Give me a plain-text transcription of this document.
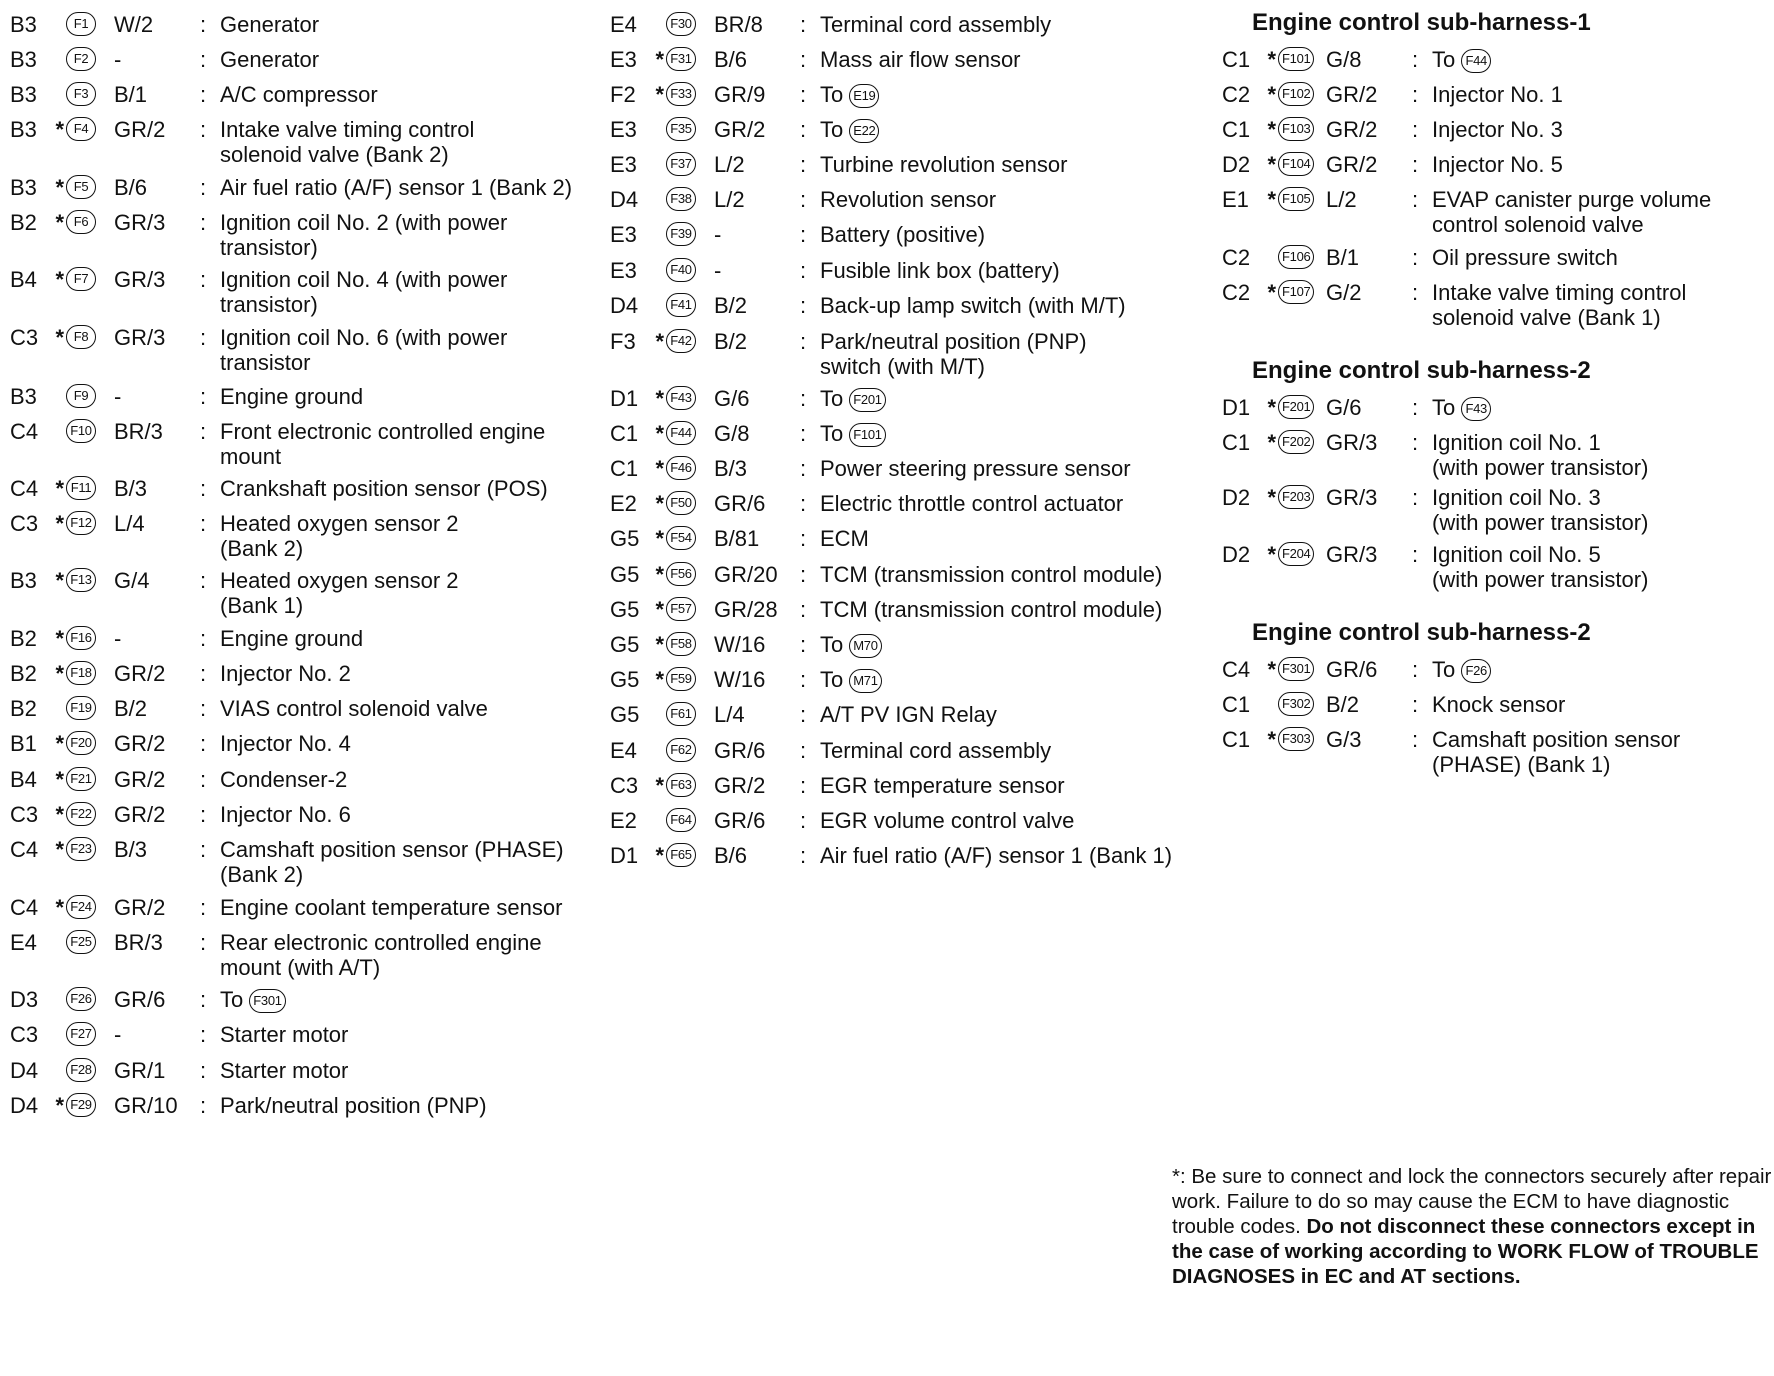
B3	F1	W/2	: Generator
B3	F2	-	: Generator
B3	F3	B/1	: A/C compressor
B3 * F4	GR/2	: Intake valve timing control
solenoid valve (Bank 2)
B3 * F5	B/6	: Air fuel ratio (A/F) sensor 1 (Bank 2)
B2 * F6	GR/3	: Ignition coil No. 2 (with power
transistor)
B4 * F7	GR/3	: Ignition coil No. 4 (with power
transistor)
C3 * F8	GR/3	: Ignition coil No. 6 (with power
transistor
B3	F9	-	: Engine ground
C4	F10 BR/3	: Front electronic controlled engine
mount
C4 * F11 B/3	: Crankshaft position sensor (POS)
C3 * F12 L/4	: Heated oxygen sensor 2
(Bank 2)
B3 * F13 G/4	: Heated oxygen sensor 2
(Bank 1)
B2 * F16 -	: Engine ground
B2 * F18 GR/2	: Injector No. 2
B2	F19 B/2	: VIAS control solenoid valve
B1 * F20 GR/2	: Injector No. 4
B4 * F21 GR/2	: Condenser-2
C3 * F22 GR/2	: Injector No. 6
C4 * F23 B/3	: Camshaft position sensor (PHASE)
(Bank 2)
C4 * F24 GR/2	: Engine coolant temperature sensor
E4	F25 BR/3	: Rear electronic controlled engine
mount (with A/T)
D3	F26 GR/6	: To F301
C3	F27 -	: Starter motor
D4	F28 GR/1	: Starter motor
D4 * F29 GR/10	: Park/neutral position (PNP)
E4	F30 BR/8	: Terminal cord assembly
E3 * F31 B/6	: Mass air flow sensor
F2 * F33 GR/9	: To E19
E3	F35 GR/2	: To E22
E3	F37 L/2	: Turbine revolution sensor
D4	F38 L/2	: Revolution sensor
E3	F39 -	: Battery (positive)
E3	F40 -	: Fusible link box (battery)
D4	F41 B/2	: Back-up lamp switch (with M/T)
F3 * F42 B/2	: Park/neutral position (PNP)
switch (with M/T)
D1 * F43 G/6	: To F201
C1 * F44 G/8	: To F101
C1 * F46 B/3	: Power steering pressure sensor
E2 * F50 GR/6	: Electric throttle control actuator
G5 * F54 B/81	: ECM
G5 * F56 GR/20	: TCM (transmission control module)
G5 * F57 GR/28	: TCM (transmission control module)
G5 * F58 W/16	: To M70
G5 * F59 W/16	: To M71
G5	F61 L/4	: A/T PV IGN Relay
E4	F62 GR/6	: Terminal cord assembly
C3 * F63 GR/2	: EGR temperature sensor
E2	F64 GR/6	: EGR volume control valve
D1 * F65 B/6	: Air fuel ratio (A/F) sensor 1 (Bank 1)
Engine control sub-harness-1
C1 * F101 G/8	: To F44
C2 * F102 GR/2	: Injector No. 1
C1 * F103 GR/2	: Injector No. 3
D2 * F104 GR/2	: Injector No. 5
E1 * F105 L/2	: EVAP canister purge volume
control solenoid valve
C2	F106 B/1	: Oil pressure switch
C2 * F107 G/2	: Intake valve timing control
solenoid valve (Bank 1)
Engine control sub-harness-2
D1 * F201 G/6	: To F43
C1 * F202 GR/3	: Ignition coil No. 1
(with power transistor)
D2 * F203 GR/3	: Ignition coil No. 3
(with power transistor)
D2 * F204 GR/3	: Ignition coil No. 5
(with power transistor)
Engine control sub-harness-2
C4 * F301 GR/6	: To F26
C1	F302 B/2	: Knock sensor
C1 * F303 G/3	: Camshaft position sensor
(PHASE) (Bank 1)
*: Be sure to connect and lock the connectors securely after repair work. Failure to do so may cause the ECM to have diagnostic trouble codes. Do not disconnect these connectors except in the case of working according to WORK FLOW of TROUBLE DIAGNOSES in EC and AT sections.
